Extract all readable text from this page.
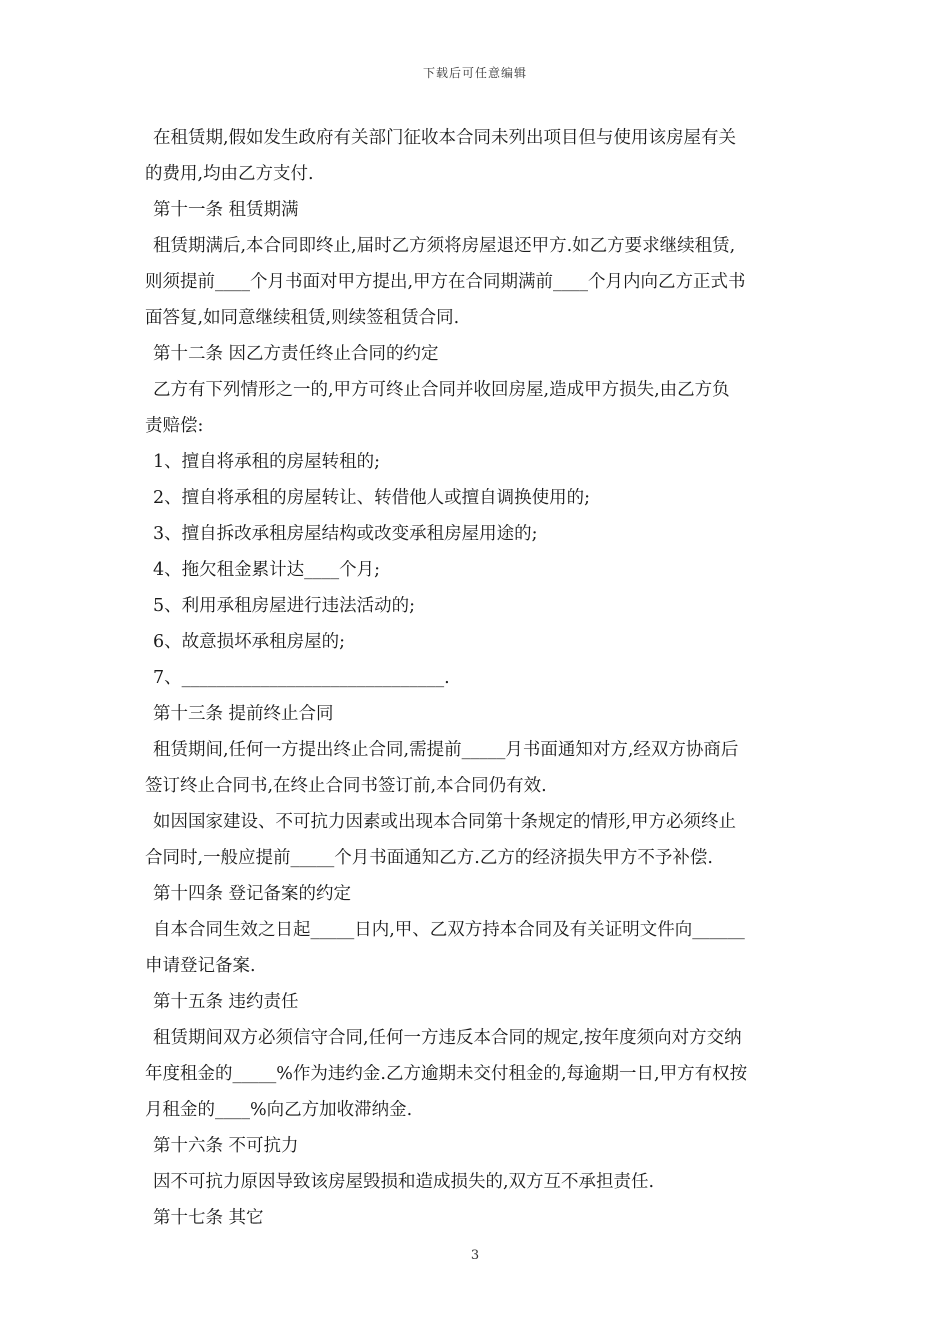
下载后可任意编辑
在租赁期,假如发生政府有关部门征收本合同未列出项目但与使用该房屋有关
的费用,均由乙方支付.
第十一条 租赁期满
租赁期满后,本合同即终止,届时乙方须将房屋退还甲方.如乙方要求继续租赁,
则须提前____个月书面对甲方提出,甲方在合同期满前____个月内向乙方正式书
面答复,如同意继续租赁,则续签租赁合同.
第十二条 因乙方责任终止合同的约定
乙方有下列情形之一的,甲方可终止合同并收回房屋,造成甲方损失,由乙方负
责赔偿:
1、擅自将承租的房屋转租的;
2、擅自将承租的房屋转让、转借他人或擅自调换使用的;
3、擅自拆改承租房屋结构或改变承租房屋用途的;
4、拖欠租金累计达____个月;
5、利用承租房屋进行违法活动的;
6、故意损坏承租房屋的;
7、______________________________.
第十三条 提前终止合同
租赁期间,任何一方提出终止合同,需提前_____月书面通知对方,经双方协商后
签订终止合同书,在终止合同书签订前,本合同仍有效.
如因国家建设、不可抗力因素或出现本合同第十条规定的情形,甲方必须终止
合同时,一般应提前_____个月书面通知乙方.乙方的经济损失甲方不予补偿.
第十四条 登记备案的约定
自本合同生效之日起_____日内,甲、乙双方持本合同及有关证明文件向______
申请登记备案.
第十五条 违约责任
租赁期间双方必须信守合同,任何一方违反本合同的规定,按年度须向对方交纳
年度租金的_____%作为违约金.乙方逾期未交付租金的,每逾期一日,甲方有权按
月租金的____%向乙方加收滞纳金.
第十六条 不可抗力
因不可抗力原因导致该房屋毁损和造成损失的,双方互不承担责任.
第十七条 其它
3
